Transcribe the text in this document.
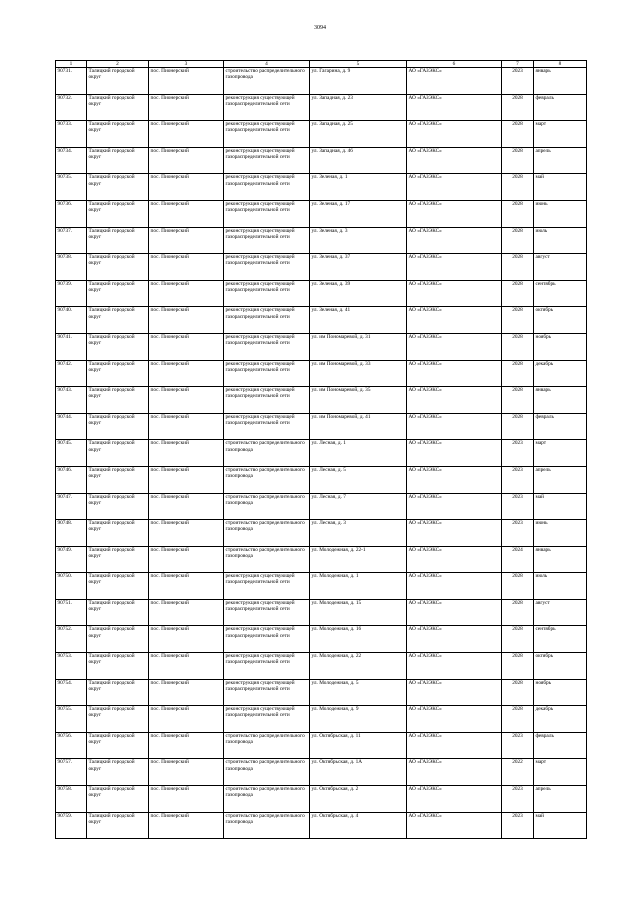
3094
1	2	3	4	5	6	7	8
90731.	Талицкий городской округ	пос. Пионерский	строительство распределительного газопровода	ул. Гагарина, д. 9	АО «ГАЗЭКС»	2023	январь
90732.	Талицкий городской округ	пос. Пионерский	реконструкция существующей газораспределительной сети	ул. Западная, д. 23	АО «ГАЗЭКС»	2028	февраль
90733.	Талицкий городской округ	пос. Пионерский	реконструкция существующей газораспределительной сети	ул. Западная, д. 25	АО «ГАЗЭКС»	2028	март
90734.	Талицкий городской округ	пос. Пионерский	реконструкция существующей газораспределительной сети	ул. Западная, д. 46	АО «ГАЗЭКС»	2028	апрель
90735.	Талицкий городской округ	пос. Пионерский	реконструкция существующей газораспределительной сети	ул. Зеленая, д. 1	АО «ГАЗЭКС»	2028	май
90736.	Талицкий городской округ	пос. Пионерский	реконструкция существующей газораспределительной сети	ул. Зеленая, д. 17	АО «ГАЗЭКС»	2028	июнь
90737.	Талицкий городской округ	пос. Пионерский	реконструкция существующей газораспределительной сети	ул. Зеленая, д. 3	АО «ГАЗЭКС»	2028	июль
90738.	Талицкий городской округ	пос. Пионерский	реконструкция существующей газораспределительной сети	ул. Зеленая, д. 37	АО «ГАЗЭКС»	2028	август
90739.	Талицкий городской округ	пос. Пионерский	реконструкция существующей газораспределительной сети	ул. Зеленая, д. 39	АО «ГАЗЭКС»	2028	сентябрь
90740.	Талицкий городской округ	пос. Пионерский	реконструкция существующей газораспределительной сети	ул. Зеленая, д. 41	АО «ГАЗЭКС»	2028	октябрь
90741.	Талицкий городской округ	пос. Пионерский	реконструкция существующей газораспределительной сети	ул. им Пономаревой, д. 31	АО «ГАЗЭКС»	2028	ноябрь
90742.	Талицкий городской округ	пос. Пионерский	реконструкция существующей газораспределительной сети	ул. им Пономаревой, д. 33	АО «ГАЗЭКС»	2028	декабрь
90743.	Талицкий городской округ	пос. Пионерский	реконструкция существующей газораспределительной сети	ул. им Пономаревой, д. 35	АО «ГАЗЭКС»	2028	январь
90744.	Талицкий городской округ	пос. Пионерский	реконструкция существующей газораспределительной сети	ул. им Пономаревой, д. 41	АО «ГАЗЭКС»	2028	февраль
90745.	Талицкий городской округ	пос. Пионерский	строительство распределительного газопровода	ул. Лесная, д. 1	АО «ГАЗЭКС»	2023	март
90746.	Талицкий городской округ	пос. Пионерский	строительство распределительного газопровода	ул. Лесная, д. 5	АО «ГАЗЭКС»	2023	апрель
90747.	Талицкий городской округ	пос. Пионерский	строительство распределительного газопровода	ул. Лесная, д. 7	АО «ГАЗЭКС»	2023	май
90748.	Талицкий городской округ	пос. Пионерский	строительство распределительного газопровода	ул. Лесная, д. 3	АО «ГАЗЭКС»	2023	июнь
90749.	Талицкий городской округ	пос. Пионерский	строительство распределительного газопровода	ул. Молодежная, д. 22-1	АО «ГАЗЭКС»	2024	январь
90750.	Талицкий городской округ	пос. Пионерский	реконструкция существующей газораспределительной сети	ул. Молодежная, д. 1	АО «ГАЗЭКС»	2028	июль
90751.	Талицкий городской округ	пос. Пионерский	реконструкция существующей газораспределительной сети	ул. Молодежная, д. 15	АО «ГАЗЭКС»	2028	август
90752.	Талицкий городской округ	пос. Пионерский	реконструкция существующей газораспределительной сети	ул. Молодежная, д. 16	АО «ГАЗЭКС»	2028	сентябрь
90753.	Талицкий городской округ	пос. Пионерский	реконструкция существующей газораспределительной сети	ул. Молодежная, д. 22	АО «ГАЗЭКС»	2028	октябрь
90754.	Талицкий городской округ	пос. Пионерский	реконструкция существующей газораспределительной сети	ул. Молодежная, д. 5	АО «ГАЗЭКС»	2028	ноябрь
90755.	Талицкий городской округ	пос. Пионерский	реконструкция существующей газораспределительной сети	ул. Молодежная, д. 9	АО «ГАЗЭКС»	2028	декабрь
90756.	Талицкий городской округ	пос. Пионерский	строительство распределительного газопровода	ул. Октябрьская, д. 11	АО «ГАЗЭКС»	2023	февраль
90757.	Талицкий городской округ	пос. Пионерский	строительство распределительного газопровода	ул. Октябрьская, д. 1А	АО «ГАЗЭКС»	2022	март
90758.	Талицкий городской округ	пос. Пионерский	строительство распределительного газопровода	ул. Октябрьская, д. 2	АО «ГАЗЭКС»	2023	апрель
90759.	Талицкий городской округ	пос. Пионерский	строительство распределительного газопровода	ул. Октябрьская, д. 4	АО «ГАЗЭКС»	2023	май
